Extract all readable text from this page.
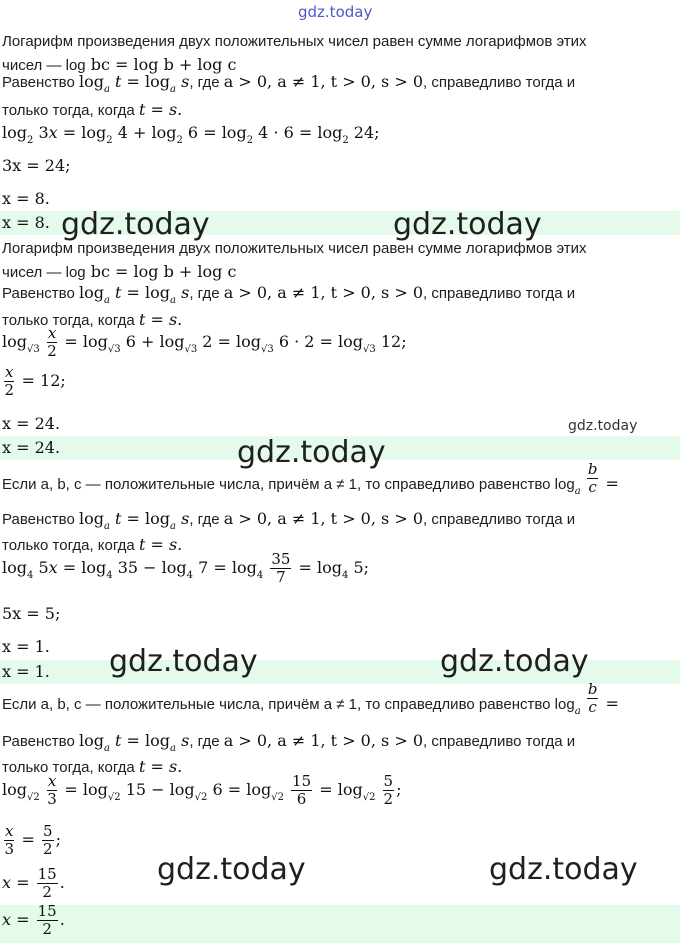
gdz.today
Логарифм произведения двух положительных чисел равен сумме логарифмов этих
чисел — log bc = log b + log c
Равенство $\log_a t = \log_a s$, где a > 0, a ≠ 1, t > 0, s > 0, справедливо тогда и
только тогда, когда t = s.
$\log_2 3x = \log_2 4 + \log_2 6 = \log_2 4 \cdot 6 = \log_2 24$;
3x = 24;
x = 8.
x = 8. gdz.today	gdz.today
Логарифм произведения двух положительных чисел равен сумме логарифмов этих
чисел — log bc = log b + log c
Равенство $\log_a t = \log_a s$, где a > 0, a ≠ 1, t > 0, s > 0, справедливо тогда и
только тогда, когда t = s.
$\log_{√3} \frac{x}{2} = \log_{√3} 6 + \log_{√3} 2 = \log_{√3} 6 \cdot 2 = \log_{√3} 12$;
$\frac{x}{2} = 12$;
x = 24.	gdz.today
x = 24.	gdz.today
Если a, b, c — положительные числа, причём a ≠ 1, то справедливо равенство $\log_a \frac{b}{c}$ =
Равенство $\log_a t = \log_a s$, где a > 0, a ≠ 1, t > 0, s > 0, справедливо тогда и
только тогда, когда t = s.
$\log_4 5x = \log_4 35 - \log_4 7 = \log_4 \frac{35}{7} = \log_4 5$;
5x = 5;
x = 1.
x = 1. gdz.today	gdz.today
Если a, b, c — положительные числа, причём a ≠ 1, то справедливо равенство $\log_a \frac{b}{c}$ =
Равенство $\log_a t = \log_a s$, где a > 0, a ≠ 1, t > 0, s > 0, справедливо тогда и
только тогда, когда t = s.
$\log_{√2} \frac{x}{3} = \log_{√2} 15 - \log_{√2} 6 = \log_{√2} \frac{15}{6} = \log_{√2} \frac{5}{2}$ ;
$\frac{x}{3} = \frac{5}{2}$ ;
gdz.today	gdz.today
$x = \frac{15}{2}$ .
$x = \frac{15}{2}$ .
